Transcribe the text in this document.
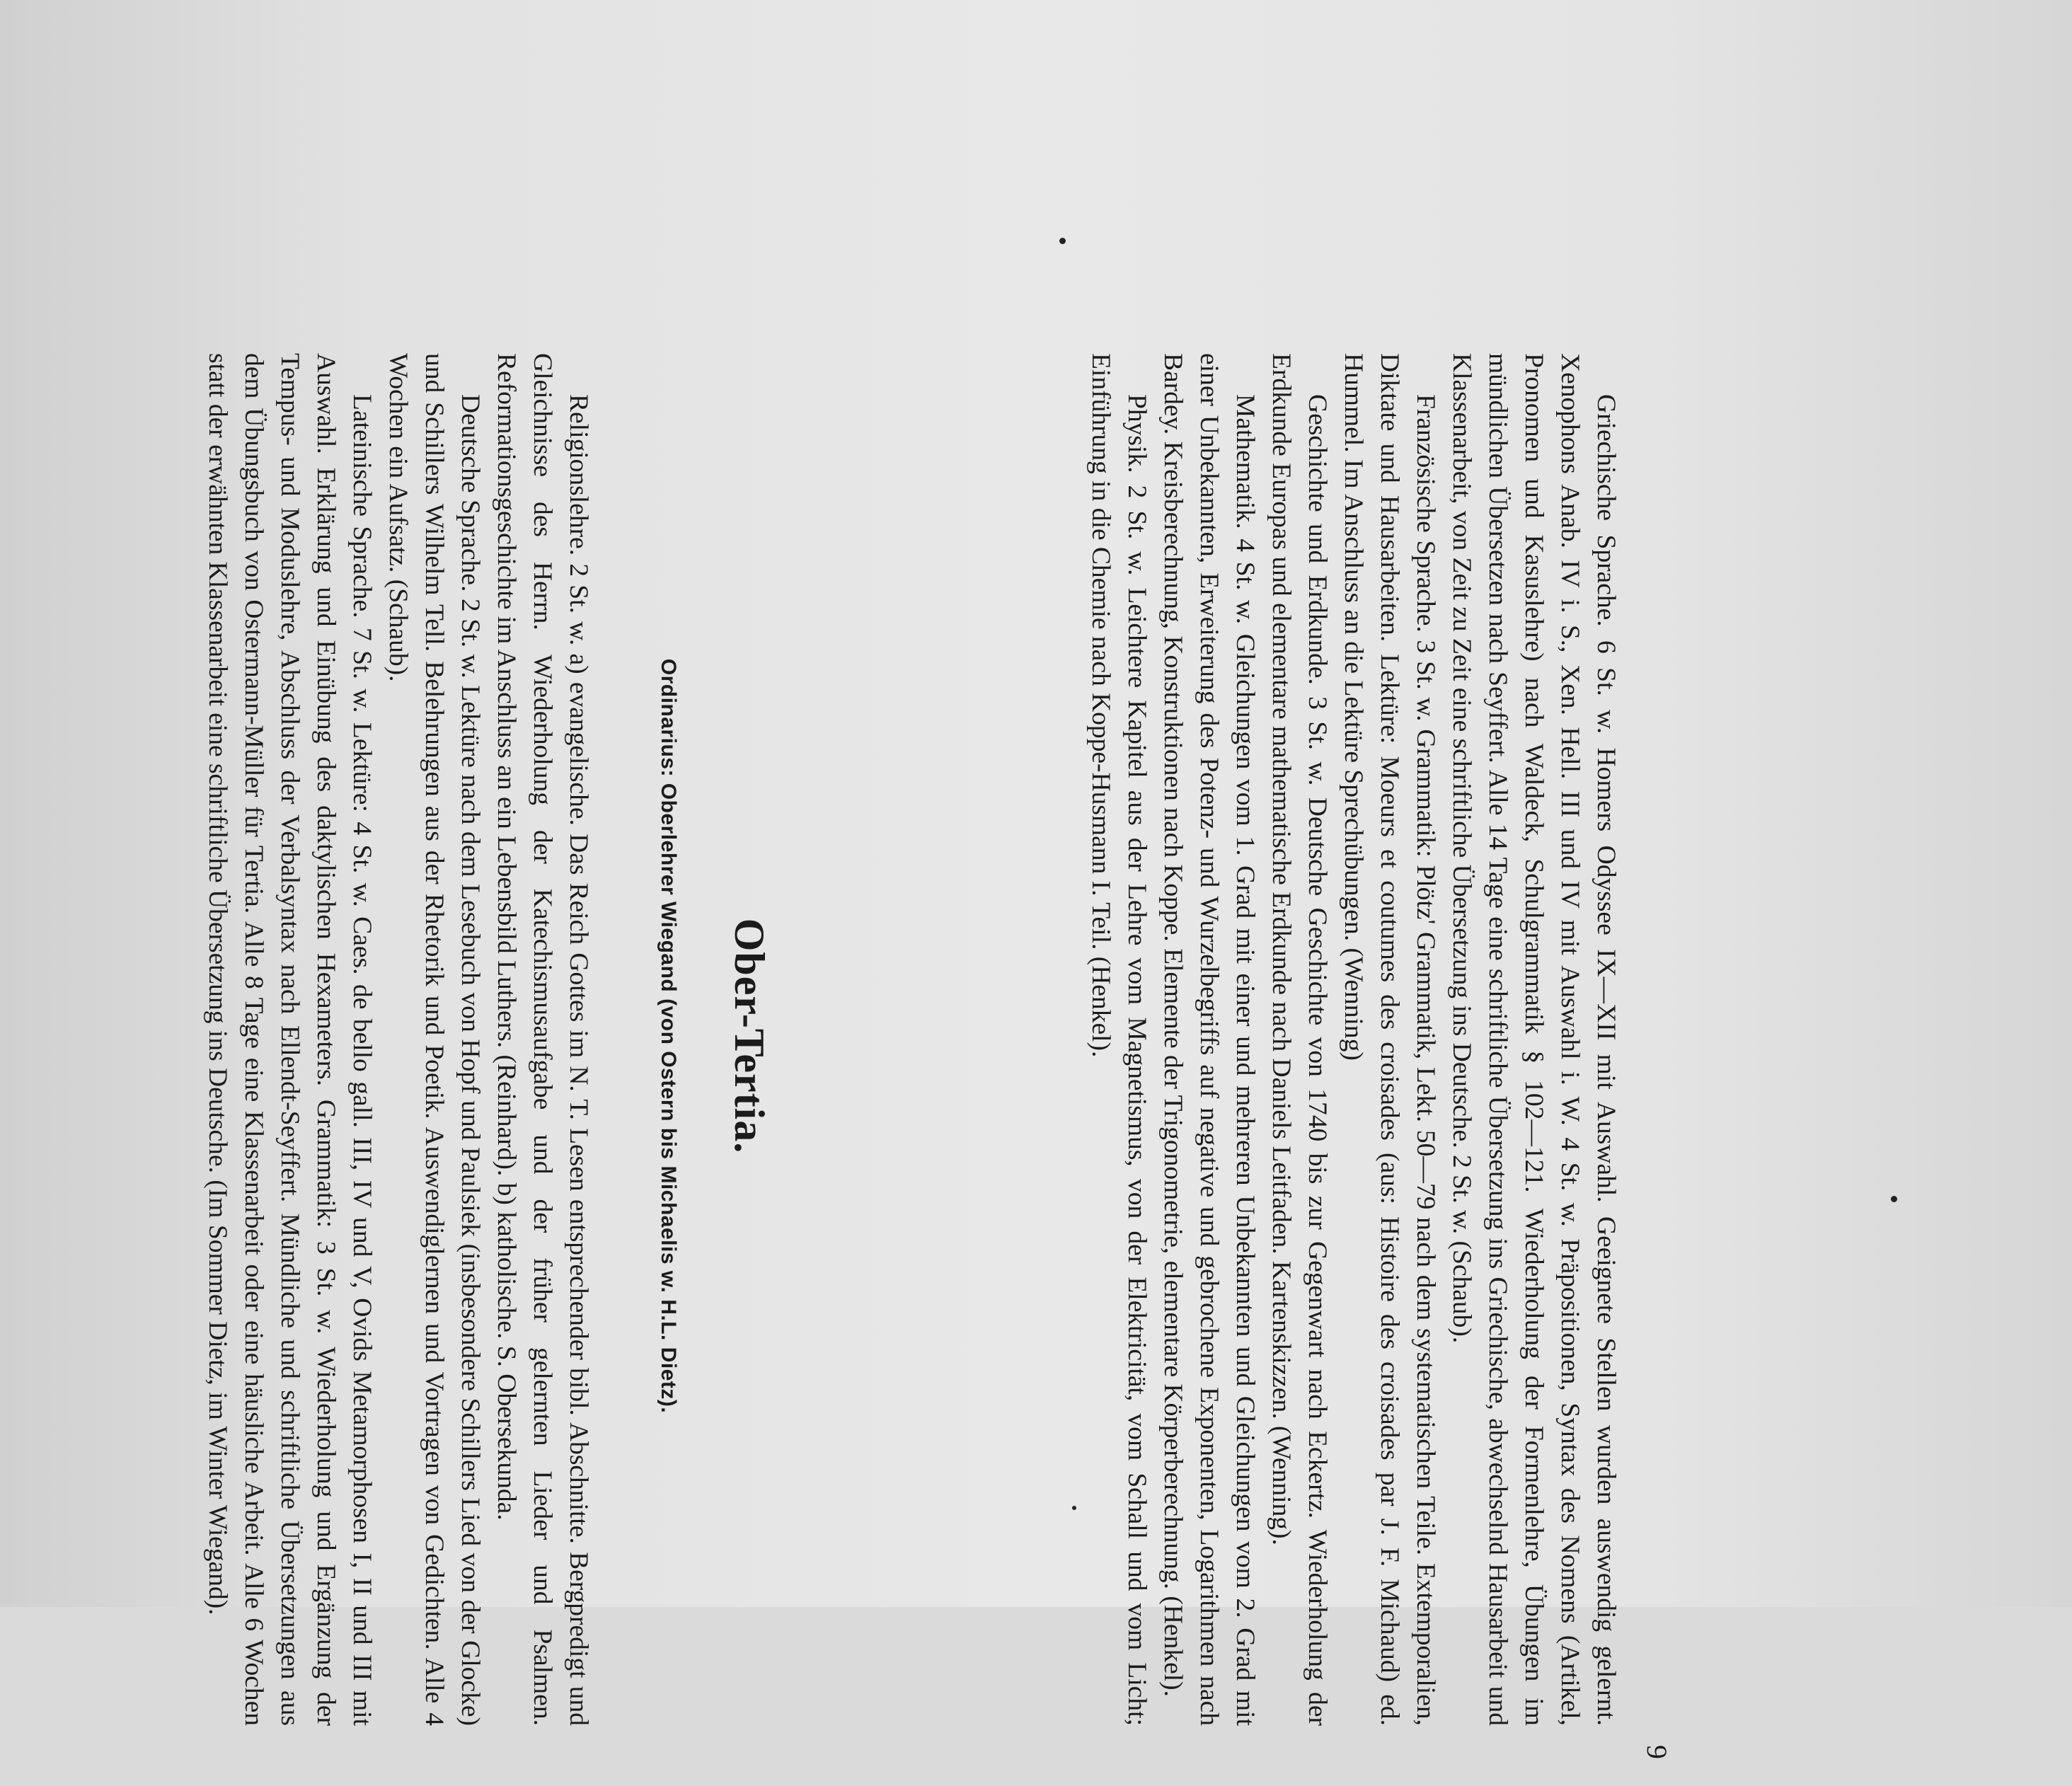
9

Griechische Sprache. 6 St. w. Homers Odyssee IX—XII mit Auswahl. Geeignete Stellen wurden auswendig gelernt. Xenophons Anab. IV i. S., Xen. Hell. III und IV mit Auswahl i. W. 4 St. w. Präpositionen, Syntax des Nomens (Artikel, Pronomen und Kasuslehre) nach Waldeck, Schulgrammatik § 102—121. Wiederholung der Formenlehre, Übungen im mündlichen Übersetzen nach Seyffert. Alle 14 Tage eine schriftliche Übersetzung ins Griechische, abwechselnd Hausarbeit und Klassenarbeit, von Zeit zu Zeit eine schriftliche Übersetzung ins Deutsche. 2 St. w. (Schaub).

Französische Sprache. 3 St. w. Grammatik: Plötz' Grammatik, Lekt. 50—79 nach dem systematischen Teile. Extemporalien, Diktate und Hausarbeiten. Lektüre: Moeurs et coutumes des croisades (aus: Histoire des croisades par J. F. Michaud) ed. Hummel. Im Anschluss an die Lektüre Sprechübungen. (Wenning)

Geschichte und Erdkunde. 3 St. w. Deutsche Geschichte von 1740 bis zur Gegenwart nach Eckertz. Wiederholung der Erdkunde Europas und elementare mathematische Erdkunde nach Daniels Leitfaden. Kartenskizzen. (Wenning).

Mathematik. 4 St. w. Gleichungen vom 1. Grad mit einer und mehreren Unbekannten und Gleichungen vom 2. Grad mit einer Unbekannten, Erweiterung des Potenz- und Wurzelbegriffs auf negative und gebrochene Exponenten, Logarithmen nach Bardey. Kreisberechnung, Konstruktionen nach Koppe. Elemente der Trigonometrie, elementare Körperberechnung. (Henkel).

Physik. 2 St. w. Leichtere Kapitel aus der Lehre vom Magnetismus, von der Elektricität, vom Schall und vom Licht; Einführung in die Chemie nach Koppe-Husmann I. Teil. (Henkel).

Ober-Tertia.
Ordinarius: Oberlehrer Wiegand (von Ostern bis Michaelis w. H.L. Dietz).

Religionslehre. 2 St. w. a) evangelische. Das Reich Gottes im N. T. Lesen entsprechender bibl. Abschnitte. Bergpredigt und Gleichnisse des Herrn. Wiederholung der Katechismusaufgabe und der früher gelernten Lieder und Psalmen. Reformationsgeschichte im Anschluss an ein Lebensbild Luthers. (Reinhard). b) katholische. S. Obersekunda.

Deutsche Sprache. 2 St. w. Lektüre nach dem Lesebuch von Hopf und Paulsiek (insbesondere Schillers Lied von der Glocke) und Schillers Wilhelm Tell. Belehrungen aus der Rhetorik und Poetik. Auswendiglernen und Vortragen von Gedichten. Alle 4 Wochen ein Aufsatz. (Schaub).

Lateinische Sprache. 7 St. w. Lektüre: 4 St. w. Caes. de bello gall. III, IV und V, Ovids Metamorphosen I, II und III mit Auswahl. Erklärung und Einübung des daktylischen Hexameters. Grammatik: 3 St. w. Wiederholung und Ergänzung der Tempus- und Moduslehre, Abschluss der Verbalsyntax nach Ellendt-Seyffert. Mündliche und schriftliche Übersetzungen aus dem Übungsbuch von Ostermann-Müller für Tertia. Alle 8 Tage eine Klassenarbeit oder eine häusliche Arbeit. Alle 6 Wochen statt der erwähnten Klassenarbeit eine schriftliche Übersetzung ins Deutsche. (Im Sommer Dietz, im Winter Wiegand).
